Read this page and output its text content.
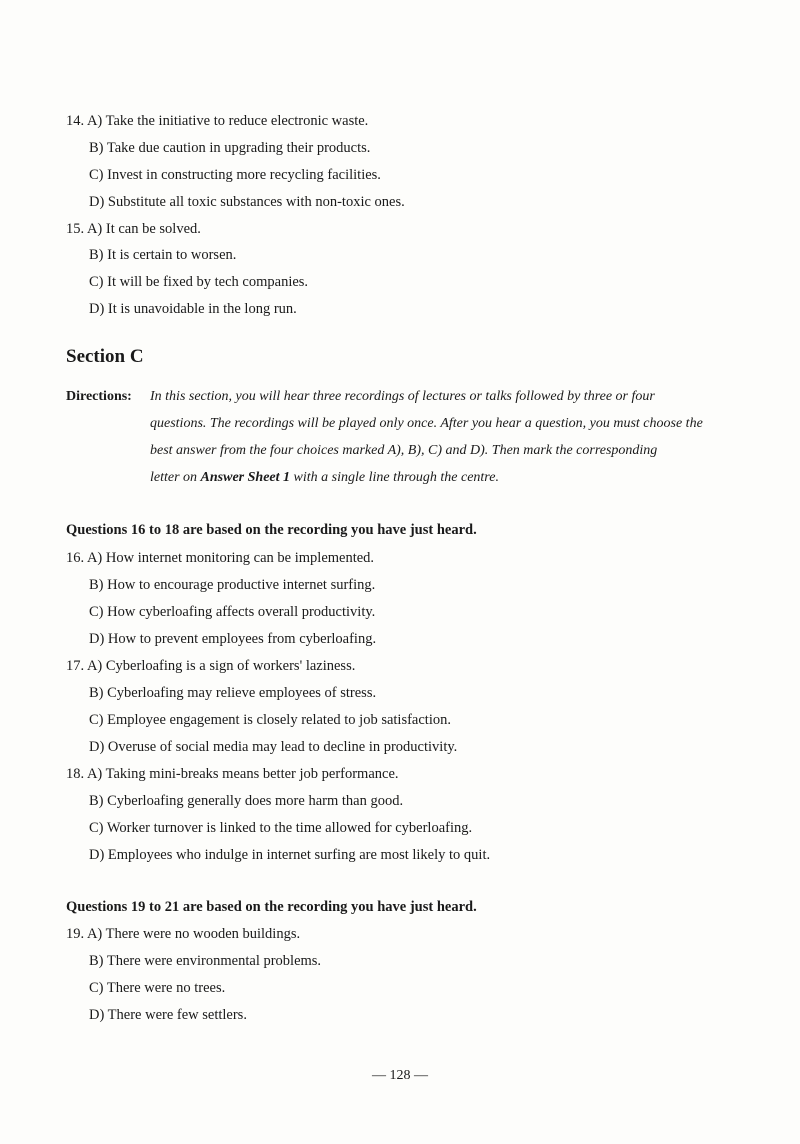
14. A) Take the initiative to reduce electronic waste.
B) Take due caution in upgrading their products.
C) Invest in constructing more recycling facilities.
D) Substitute all toxic substances with non-toxic ones.
15. A) It can be solved.
B) It is certain to worsen.
C) It will be fixed by tech companies.
D) It is unavoidable in the long run.
Section C
Directions: In this section, you will hear three recordings of lectures or talks followed by three or four
questions. The recordings will be played only once. After you hear a question, you must choose the
best answer from the four choices marked A), B), C) and D). Then mark the corresponding
letter on Answer Sheet 1 with a single line through the centre.
Questions 16 to 18 are based on the recording you have just heard.
16. A) How internet monitoring can be implemented.
B) How to encourage productive internet surfing.
C) How cyberloafing affects overall productivity.
D) How to prevent employees from cyberloafing.
17. A) Cyberloafing is a sign of workers' laziness.
B) Cyberloafing may relieve employees of stress.
C) Employee engagement is closely related to job satisfaction.
D) Overuse of social media may lead to decline in productivity.
18. A) Taking mini-breaks means better job performance.
B) Cyberloafing generally does more harm than good.
C) Worker turnover is linked to the time allowed for cyberloafing.
D) Employees who indulge in internet surfing are most likely to quit.
Questions 19 to 21 are based on the recording you have just heard.
19. A) There were no wooden buildings.
B) There were environmental problems.
C) There were no trees.
D) There were few settlers.
— 128 —
